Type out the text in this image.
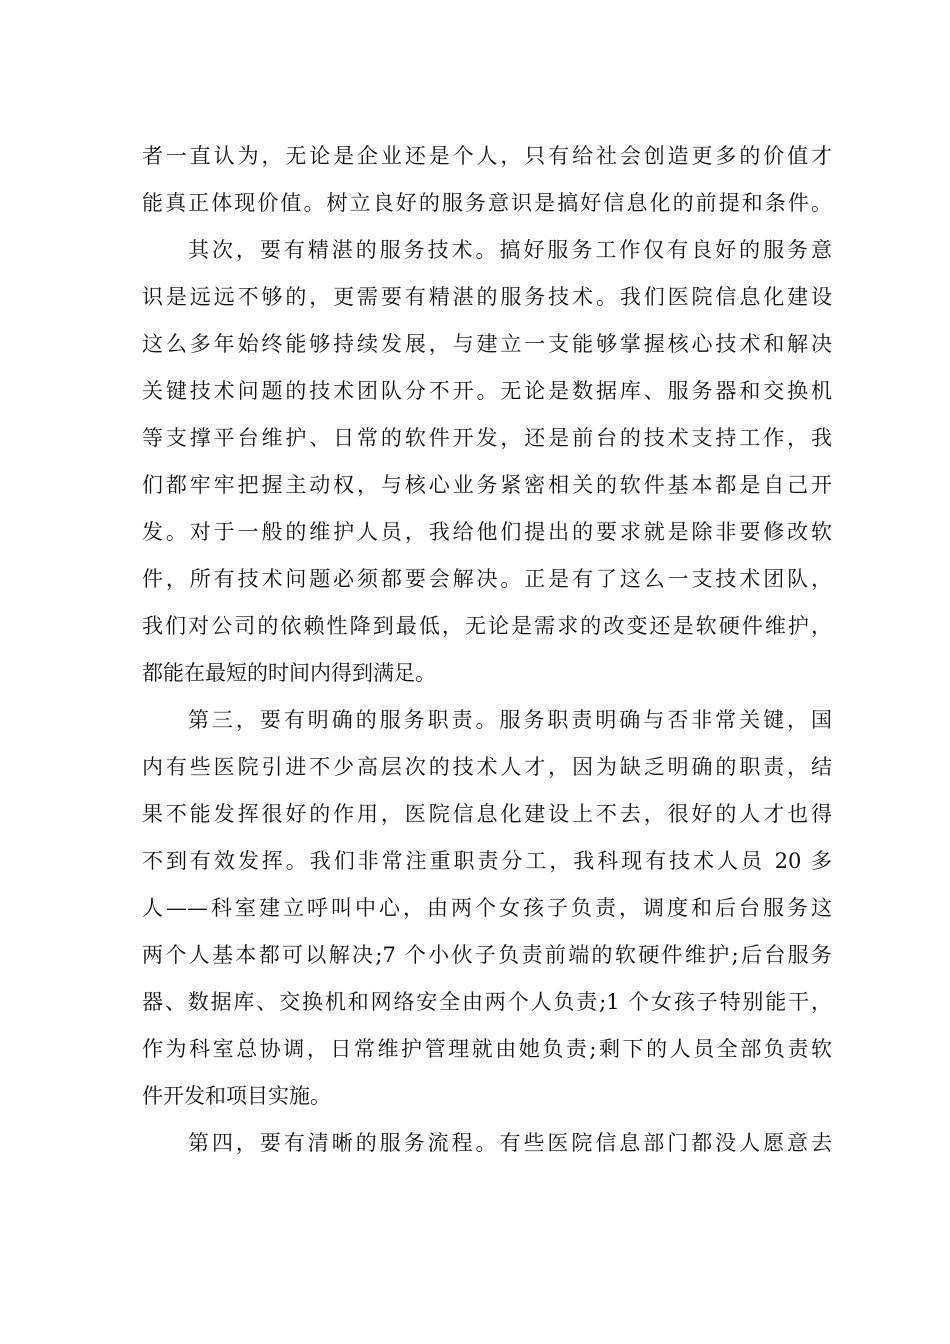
者一直认为，无论是企业还是个人，只有给社会创造更多的价值才
能真正体现价值。树立良好的服务意识是搞好信息化的前提和条件。
其次，要有精湛的服务技术。搞好服务工作仅有良好的服务意
识是远远不够的，更需要有精湛的服务技术。我们医院信息化建设
这么多年始终能够持续发展，与建立一支能够掌握核心技术和解决
关键技术问题的技术团队分不开。无论是数据库、服务器和交换机
等支撑平台维护、日常的软件开发，还是前台的技术支持工作，我
们都牢牢把握主动权，与核心业务紧密相关的软件基本都是自己开
发。对于一般的维护人员，我给他们提出的要求就是除非要修改软
件，所有技术问题必须都要会解决。正是有了这么一支技术团队，
我们对公司的依赖性降到最低，无论是需求的改变还是软硬件维护，
都能在最短的时间内得到满足。
第三，要有明确的服务职责。服务职责明确与否非常关键，国
内有些医院引进不少高层次的技术人才，因为缺乏明确的职责，结
果不能发挥很好的作用，医院信息化建设上不去，很好的人才也得
不到有效发挥。我们非常注重职责分工，我科现有技术人员 20 多
人——科室建立呼叫中心，由两个女孩子负责，调度和后台服务这
两个人基本都可以解决;7 个小伙子负责前端的软硬件维护;后台服务
器、数据库、交换机和网络安全由两个人负责;1 个女孩子特别能干，
作为科室总协调，日常维护管理就由她负责;剩下的人员全部负责软
件开发和项目实施。
第四，要有清晰的服务流程。有些医院信息部门都没人愿意去
